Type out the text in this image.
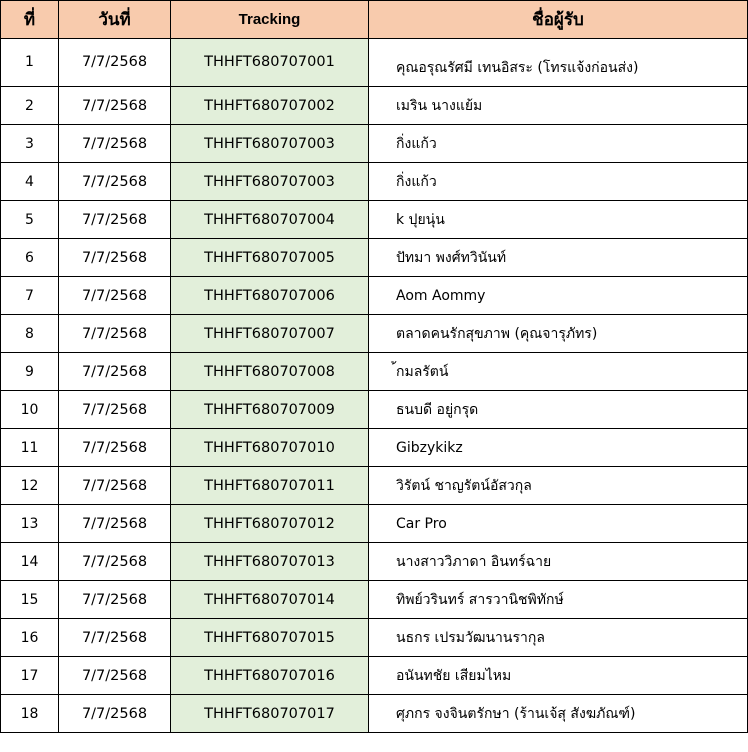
ที่	วันที่	Tracking	ชื่อผู้รับ
1	7/7/2568	THHFT680707001	คุณอรุณรัศมี เทนอิสระ (โทรแจ้งก่อนส่ง)
2	7/7/2568	THHFT680707002	เมริน นางแย้ม
3	7/7/2568	THHFT680707003	กิ่งแก้ว
4	7/7/2568	THHFT680707003	กิ่งแก้ว
5	7/7/2568	THHFT680707004	k ปุยนุ่น
6	7/7/2568	THHFT680707005	ปัทมา พงศ์ทวินันท์
7	7/7/2568	THHFT680707006	Aom Aommy
8	7/7/2568	THHFT680707007	ตลาดคนรักสุขภาพ (คุณจารุภัทร)
9	7/7/2568	THHFT680707008	้กมลรัตน์
10	7/7/2568	THHFT680707009	ธนบดี อยู่กรุด
11	7/7/2568	THHFT680707010	Gibzykikz
12	7/7/2568	THHFT680707011	วิรัตน์ ชาญรัตน์อัสวกุล
13	7/7/2568	THHFT680707012	Car Pro
14	7/7/2568	THHFT680707013	นางสาววิภาดา อินทร์ฉาย
15	7/7/2568	THHFT680707014	ทิพย์วรินทร์ สารวานิชพิทักษ์
16	7/7/2568	THHFT680707015	นธกร เปรมวัฒนานรากุล
17	7/7/2568	THHFT680707016	อนันทชัย เสียมไหม
18	7/7/2568	THHFT680707017	ศุภกร จงจินตรักษา (ร้านเจ้สุ สังฆภัณฑ์)
